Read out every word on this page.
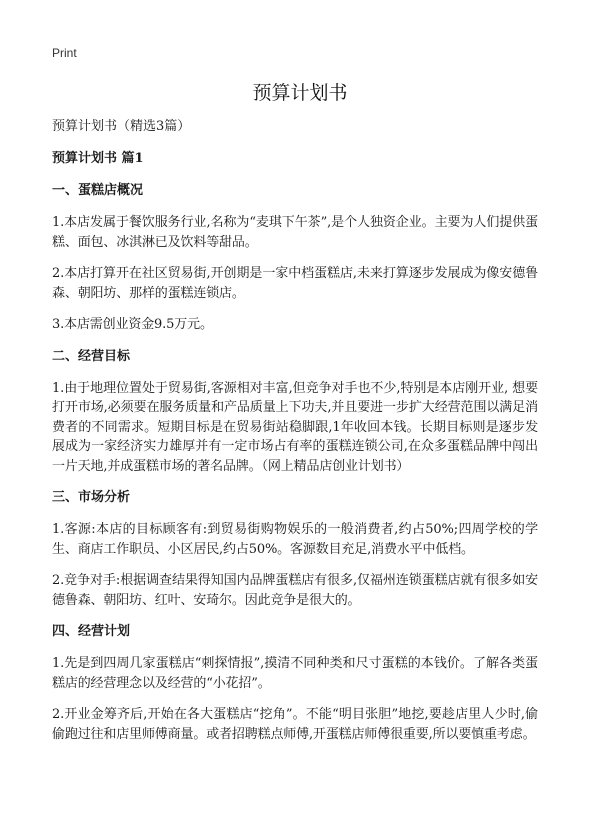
Print
预算计划书

预算计划书（精选3篇）

预算计划书 篇1

一、蛋糕店概况

1.本店发属于餐饮服务行业,名称为“麦琪下午茶”,是个人独资企业。主要为人们提供蛋糕、面包、冰淇淋已及饮料等甜品。

2.本店打算开在社区贸易街,开创期是一家中档蛋糕店,未来打算逐步发展成为像安德鲁森、朝阳坊、那样的蛋糕连锁店。

3.本店需创业资金9.5万元。

二、经营目标

1.由于地理位置处于贸易街,客源相对丰富,但竞争对手也不少,特别是本店刚开业, 想要打开市场,必须要在服务质量和产品质量上下功夫,并且要进一步扩大经营范围以满足消费者的不同需求。短期目标是在贸易街站稳脚跟,1年收回本钱。长期目标则是逐步发展成为一家经济实力雄厚并有一定市场占有率的蛋糕连锁公司,在众多蛋糕品牌中闯出一片天地,并成蛋糕市场的著名品牌。（网上精品店创业计划书）

三、市场分析

1.客源:本店的目标顾客有:到贸易街购物娱乐的一般消费者,约占50%;四周学校的学生、商店工作职员、小区居民,约占50%。客源数目充足,消费水平中低档。

2.竞争对手:根据调查结果得知国内品牌蛋糕店有很多,仅福州连锁蛋糕店就有很多如安德鲁森、朝阳坊、红叶、安琦尔。因此竞争是很大的。

四、经营计划

1.先是到四周几家蛋糕店“刺探情报”,摸清不同种类和尺寸蛋糕的本钱价。了解各类蛋糕店的经营理念以及经营的“小花招”。

2.开业金筹齐后,开始在各大蛋糕店“挖角”。不能“明目张胆”地挖,要趁店里人少时,偷偷跑过往和店里师傅商量。或者招聘糕点师傅,开蛋糕店师傅很重要,所以要慎重考虑。
